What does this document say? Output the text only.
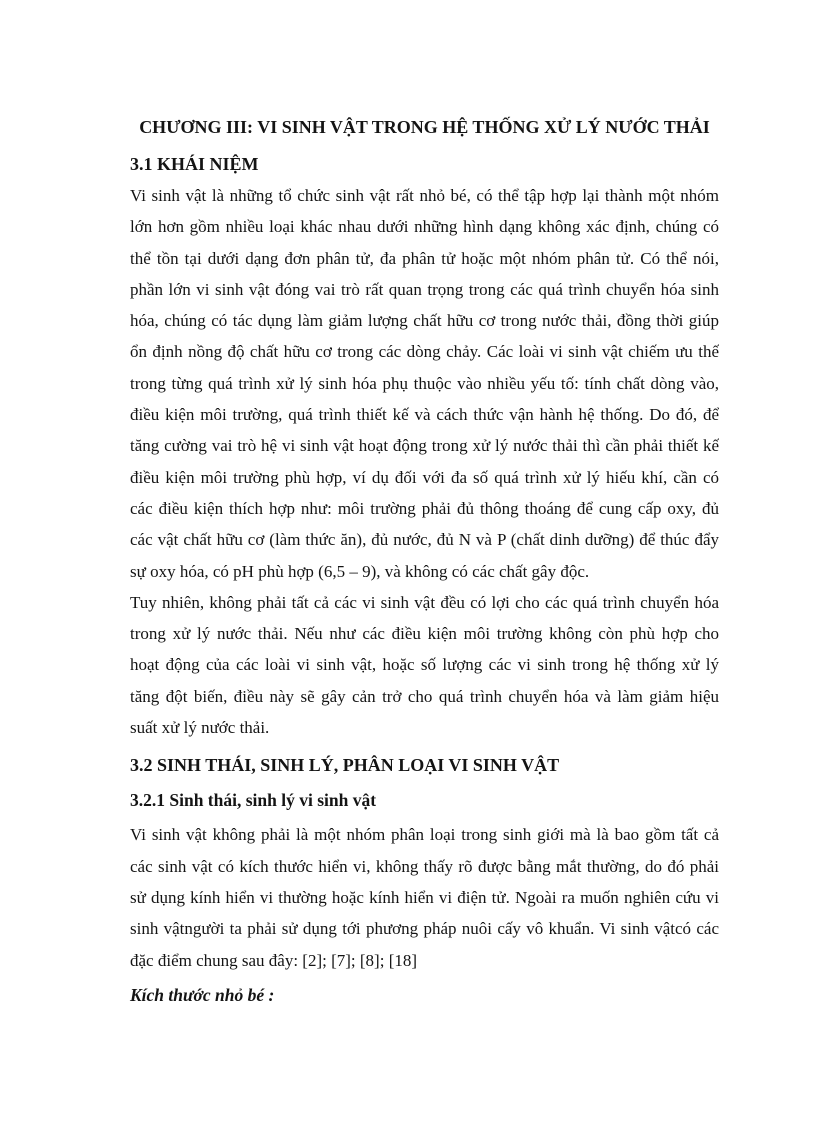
CHƯƠNG III: VI SINH VẬT TRONG HỆ THỐNG XỬ LÝ NƯỚC THẢI
3.1 KHÁI NIỆM
Vi sinh vật là những tổ chức sinh vật rất nhỏ bé, có thể tập hợp lại thành một nhóm
lớn hơn gồm nhiều loại khác nhau dưới những hình dạng không xác định, chúng có
thể tồn tại dưới dạng đơn phân tử, đa phân tử hoặc một nhóm phân tử. Có thể nói,
phần lớn vi sinh vật đóng vai trò rất quan trọng trong các quá trình chuyển hóa sinh
hóa, chúng có tác dụng làm giảm lượng chất hữu cơ trong nước thải, đồng thời giúp
ổn định nồng độ chất hữu cơ trong các dòng chảy. Các loài vi sinh vật chiếm ưu thế
trong từng quá trình xử lý sinh hóa phụ thuộc vào nhiều yếu tố: tính chất dòng vào,
điều kiện môi trường, quá trình thiết kế và cách thức vận hành hệ thống. Do đó, để
tăng cường vai trò hệ vi sinh vật hoạt động trong xử lý nước thải thì cần phải thiết kế
điều kiện môi trường phù hợp, ví dụ đối với đa số quá trình xử lý hiếu khí, cần có
các điều kiện thích hợp như: môi trường phải đủ thông thoáng để cung cấp oxy, đủ
các vật chất hữu cơ (làm thức ăn), đủ nước, đủ N và P (chất dinh dưỡng) để thúc đẩy
sự oxy hóa, có pH phù hợp (6,5 – 9), và không có các chất gây độc.
Tuy nhiên, không phải tất cả các vi sinh vật đều có lợi cho các quá trình chuyển hóa
trong xử lý nước thải. Nếu như các điều kiện môi trường không còn phù hợp cho
hoạt động của các loài vi sinh vật, hoặc số lượng các vi sinh trong hệ thống xử lý
tăng đột biến, điều này sẽ gây cản trở cho quá trình chuyển hóa và làm giảm hiệu
suất xử lý nước thải.
3.2 SINH THÁI, SINH LÝ, PHÂN LOẠI VI SINH VẬT
3.2.1 Sinh thái, sinh lý vi sinh vật
Vi sinh vật không phải là một nhóm phân loại trong sinh giới mà là bao gồm tất cả
các sinh vật có kích thước hiển vi, không thấy rõ được bằng mắt thường, do đó phải
sử dụng kính hiển vi thường hoặc kính hiển vi điện tử. Ngoài ra muốn nghiên cứu vi
sinh vậtngười ta phải sử dụng tới phương pháp nuôi cấy vô khuẩn. Vi sinh vậtcó các
đặc điểm chung sau đây: [2]; [7]; [8]; [18]

Kích thước nhỏ bé :
